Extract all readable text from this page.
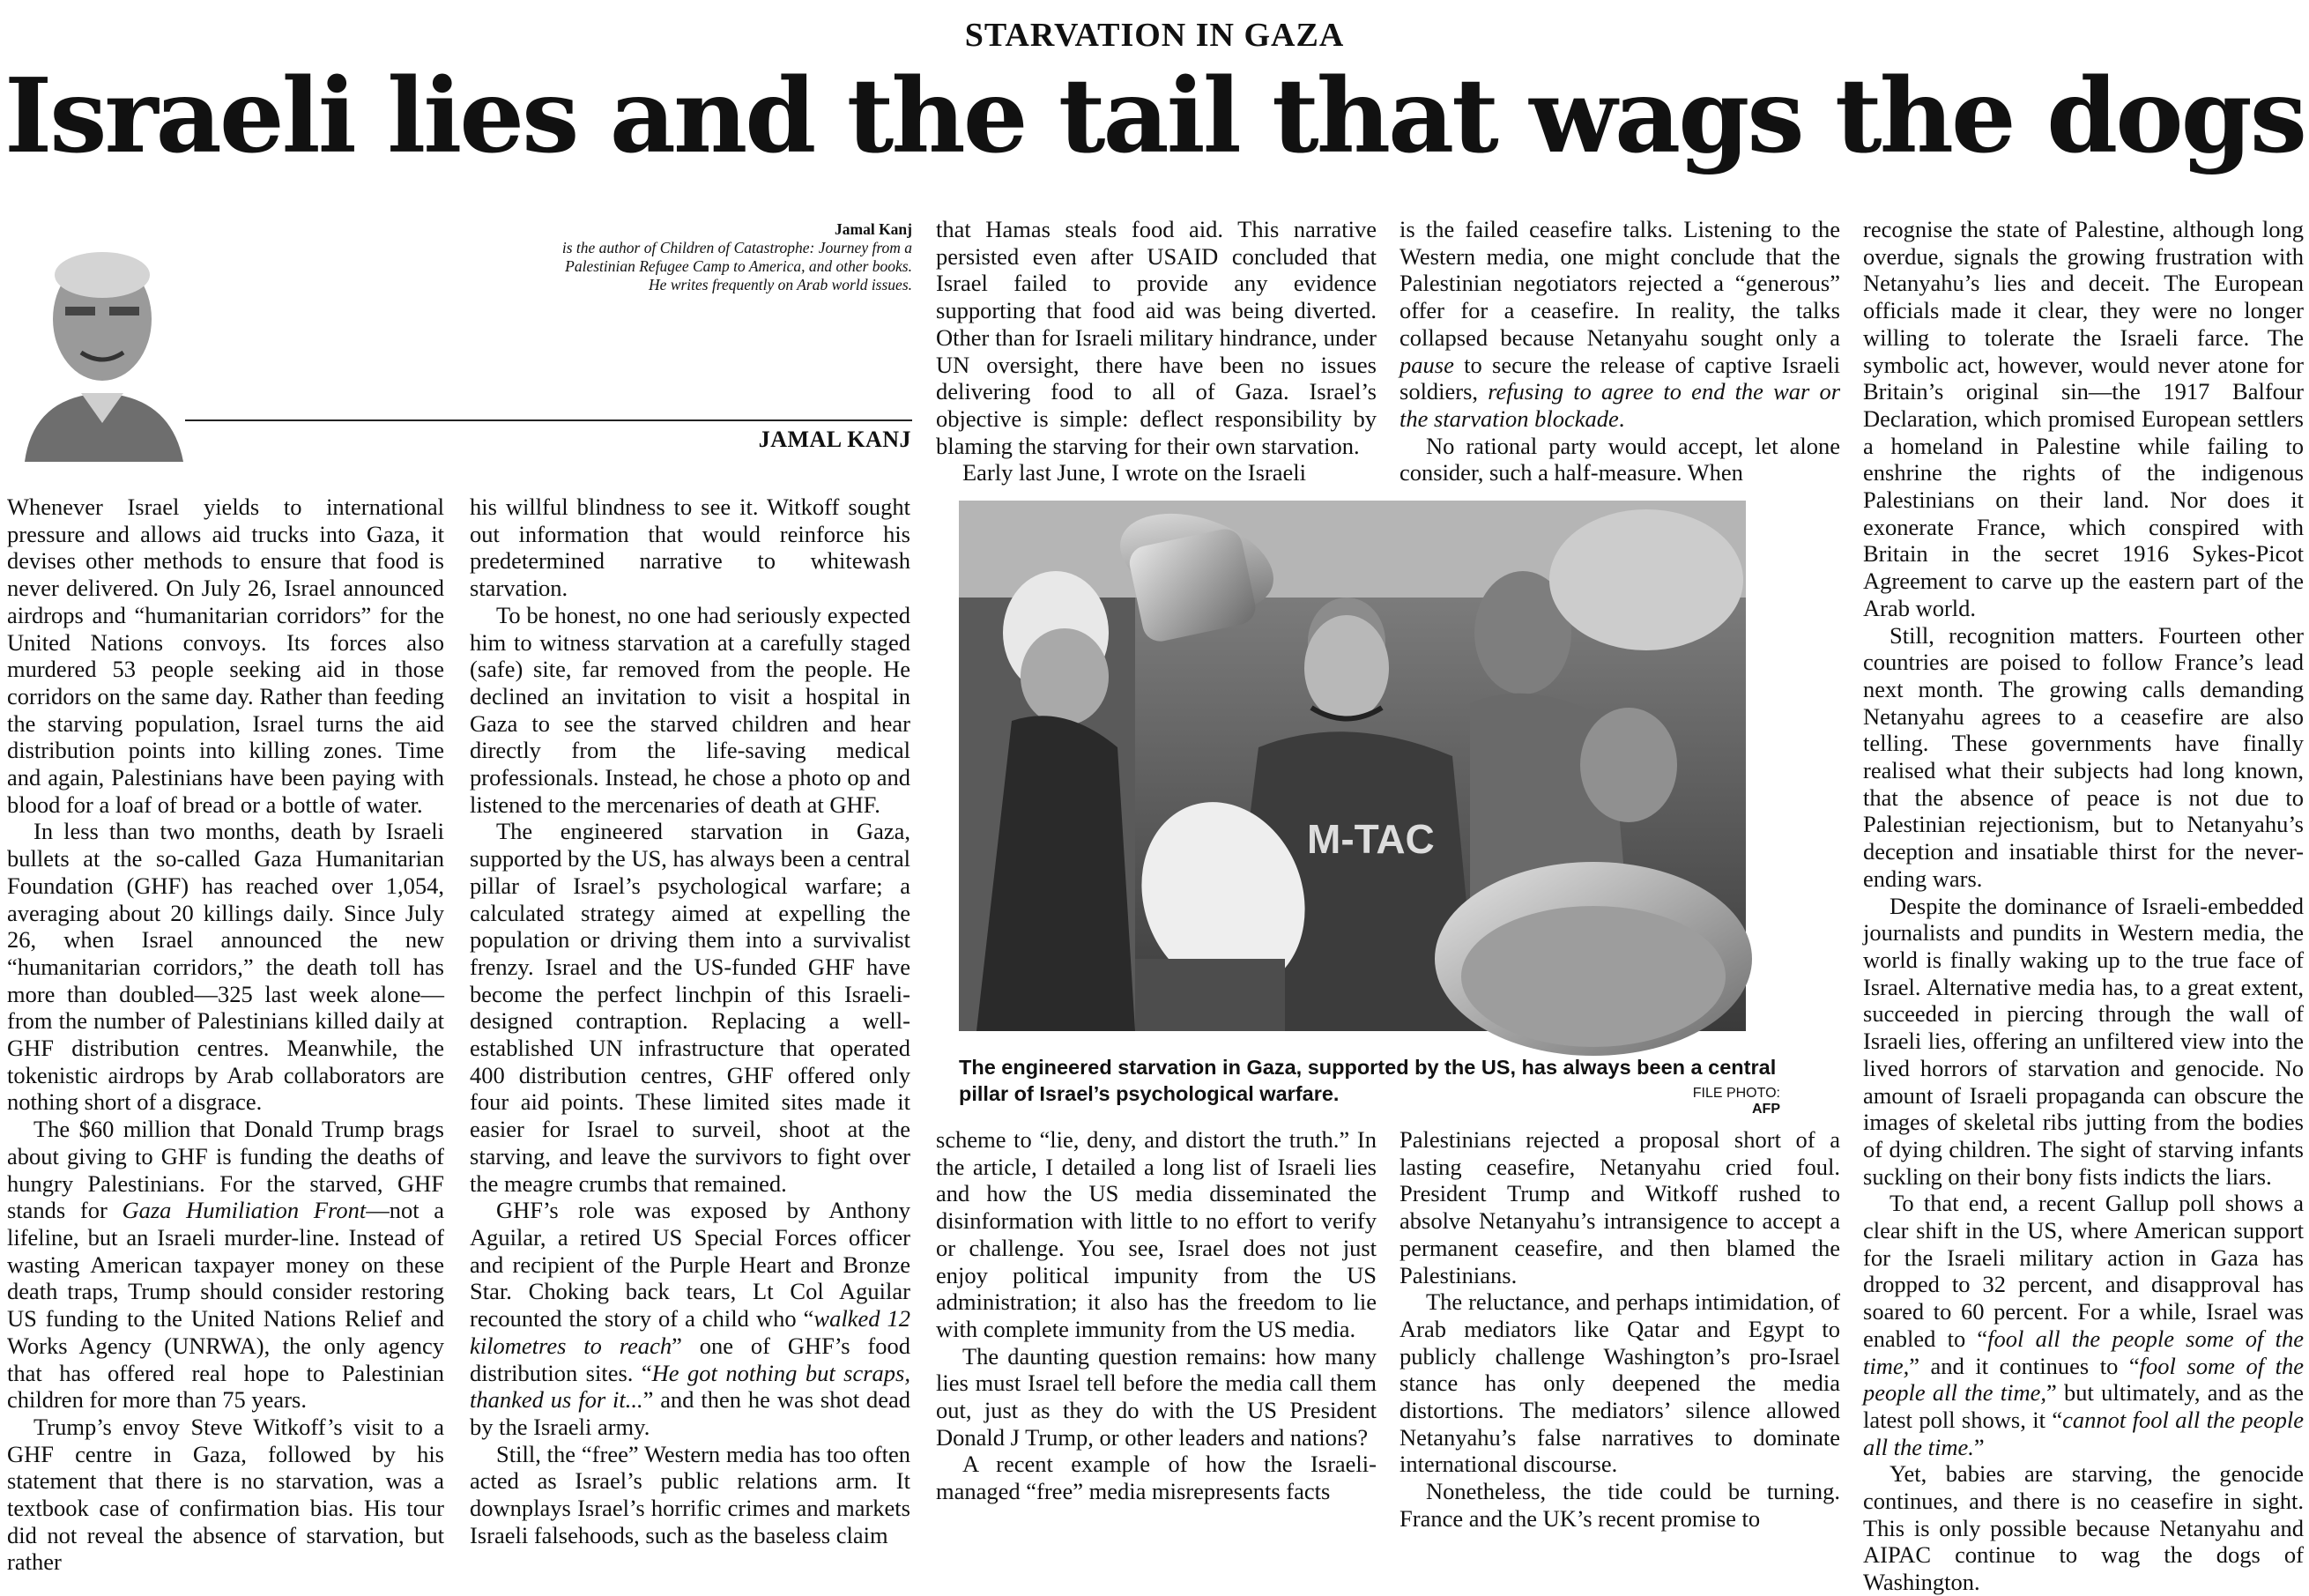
STARVATION IN GAZA
Israeli lies and the tail that wags the dogs
Jamal Kanj
is the author of Children of Catastrophe: Journey from a
Palestinian Refugee Camp to America, and other books.
He writes frequently on Arab world issues.
JAMAL KANJ

Whenever Israel yields to international pressure and allows aid trucks into Gaza, it devises other methods to ensure that food is never delivered. On July 26, Israel announced airdrops and “humanitarian corridors” for the United Nations convoys. Its forces also murdered 53 people seeking aid in those corridors on the same day. Rather than feeding the starving population, Israel turns the aid distribution points into killing zones. Time and again, Palestinians have been paying with blood for a loaf of bread or a bottle of water.

In less than two months, death by Israeli bullets at the so-called Gaza Humanitarian Foundation (GHF) has reached over 1,054, averaging about 20 killings daily. Since July 26, when Israel announced the new “humanitarian corridors,” the death toll has more than doubled—325 last week alone—from the number of Palestinians killed daily at GHF distribution centres. Meanwhile, the tokenistic airdrops by Arab collaborators are nothing short of a disgrace.

The $60 million that Donald Trump brags about giving to GHF is funding the deaths of hungry Palestinians. For the starved, GHF stands for Gaza Humiliation Front—not a lifeline, but an Israeli murder-line. Instead of wasting American taxpayer money on these death traps, Trump should consider restoring US funding to the United Nations Relief and Works Agency (UNRWA), the only agency that has offered real hope to Palestinian children for more than 75 years.

Trump’s envoy Steve Witkoff’s visit to a GHF centre in Gaza, followed by his statement that there is no starvation, was a textbook case of confirmation bias. His tour did not reveal the absence of starvation, but rather

his willful blindness to see it. Witkoff sought out information that would reinforce his predetermined narrative to whitewash starvation.

To be honest, no one had seriously expected him to witness starvation at a carefully staged (safe) site, far removed from the people. He declined an invitation to visit a hospital in Gaza to see the starved children and hear directly from the life-saving medical professionals. Instead, he chose a photo op and listened to the mercenaries of death at GHF.

The engineered starvation in Gaza, supported by the US, has always been a central pillar of Israel’s psychological warfare; a calculated strategy aimed at expelling the population or driving them into a survivalist frenzy. Israel and the US-funded GHF have become the perfect linchpin of this Israeli-designed contraption. Replacing a well-established UN infrastructure that operated 400 distribution centres, GHF offered only four aid points. These limited sites made it easier for Israel to surveil, shoot at the starving, and leave the survivors to fight over the meagre crumbs that remained.

GHF’s role was exposed by Anthony Aguilar, a retired US Special Forces officer and recipient of the Purple Heart and Bronze Star. Choking back tears, Lt Col Aguilar recounted the story of a child who “walked 12 kilometres to reach” one of GHF’s food distribution sites. “He got nothing but scraps, thanked us for it...” and then he was shot dead by the Israeli army.

Still, the “free” Western media has too often acted as Israel’s public relations arm. It downplays Israel’s horrific crimes and markets Israeli falsehoods, such as the baseless claim

that Hamas steals food aid. This narrative persisted even after USAID concluded that Israel failed to provide any evidence supporting that food aid was being diverted. Other than for Israeli military hindrance, under UN oversight, there have been no issues delivering food to all of Gaza. Israel’s objective is simple: deflect responsibility by blaming the starving for their own starvation.

Early last June, I wrote on the Israeli

is the failed ceasefire talks. Listening to the Western media, one might conclude that the Palestinian negotiators rejected a “generous” offer for a ceasefire. In reality, the talks collapsed because Netanyahu sought only a pause to secure the release of captive Israeli soldiers, refusing to agree to end the war or the starvation blockade.

No rational party would accept, let alone consider, such a half-measure. When

scheme to “lie, deny, and distort the truth.” In the article, I detailed a long list of Israeli lies and how the US media disseminated the disinformation with little to no effort to verify or challenge. You see, Israel does not just enjoy political impunity from the US administration; it also has the freedom to lie with complete immunity from the US media.

The daunting question remains: how many lies must Israel tell before the media call them out, just as they do with the US President Donald J Trump, or other leaders and nations?

A recent example of how the Israeli-managed “free” media misrepresents facts

Palestinians rejected a proposal short of a lasting ceasefire, Netanyahu cried foul. President Trump and Witkoff rushed to absolve Netanyahu’s intransigence to accept a permanent ceasefire, and then blamed the Palestinians.

The reluctance, and perhaps intimidation, of Arab mediators like Qatar and Egypt to publicly challenge Washington’s pro-Israel stance has only deepened the media distortions. The mediators’ silence allowed Netanyahu’s false narratives to dominate international discourse.

Nonetheless, the tide could be turning. France and the UK’s recent promise to

recognise the state of Palestine, although long overdue, signals the growing frustration with Netanyahu’s lies and deceit. The European officials made it clear, they were no longer willing to tolerate the Israeli farce. The symbolic act, however, would never atone for Britain’s original sin—the 1917 Balfour Declaration, which promised European settlers a homeland in Palestine while failing to enshrine the rights of the indigenous Palestinians on their land. Nor does it exonerate France, which conspired with Britain in the secret 1916 Sykes-Picot Agreement to carve up the eastern part of the Arab world.

Still, recognition matters. Fourteen other countries are poised to follow France’s lead next month. The growing calls demanding Netanyahu agrees to a ceasefire are also telling. These governments have finally realised what their subjects had long known, that the absence of peace is not due to Palestinian rejectionism, but to Netanyahu’s deception and insatiable thirst for the never-ending wars.

Despite the dominance of Israeli-embedded journalists and pundits in Western media, the world is finally waking up to the true face of Israel. Alternative media has, to a great extent, succeeded in piercing through the wall of Israeli lies, offering an unfiltered view into the lived horrors of starvation and genocide. No amount of Israeli propaganda can obscure the images of skeletal ribs jutting from the bodies of dying children. The sight of starving infants suckling on their bony fists indicts the liars.

To that end, a recent Gallup poll shows a clear shift in the US, where American support for the Israeli military action in Gaza has dropped to 32 percent, and disapproval has soared to 60 percent. For a while, Israel was enabled to “fool all the people some of the time,” and it continues to “fool some of the people all the time,” but ultimately, and as the latest poll shows, it “cannot fool all the people all the time.”

Yet, babies are starving, the genocide continues, and there is no ceasefire in sight. This is only possible because Netanyahu and AIPAC continue to wag the dogs of Washington.

M-TAC
The engineered starvation in Gaza, supported by the US, has always been a central pillar of Israel’s psychological warfare.	FILE PHOTO: AFP
